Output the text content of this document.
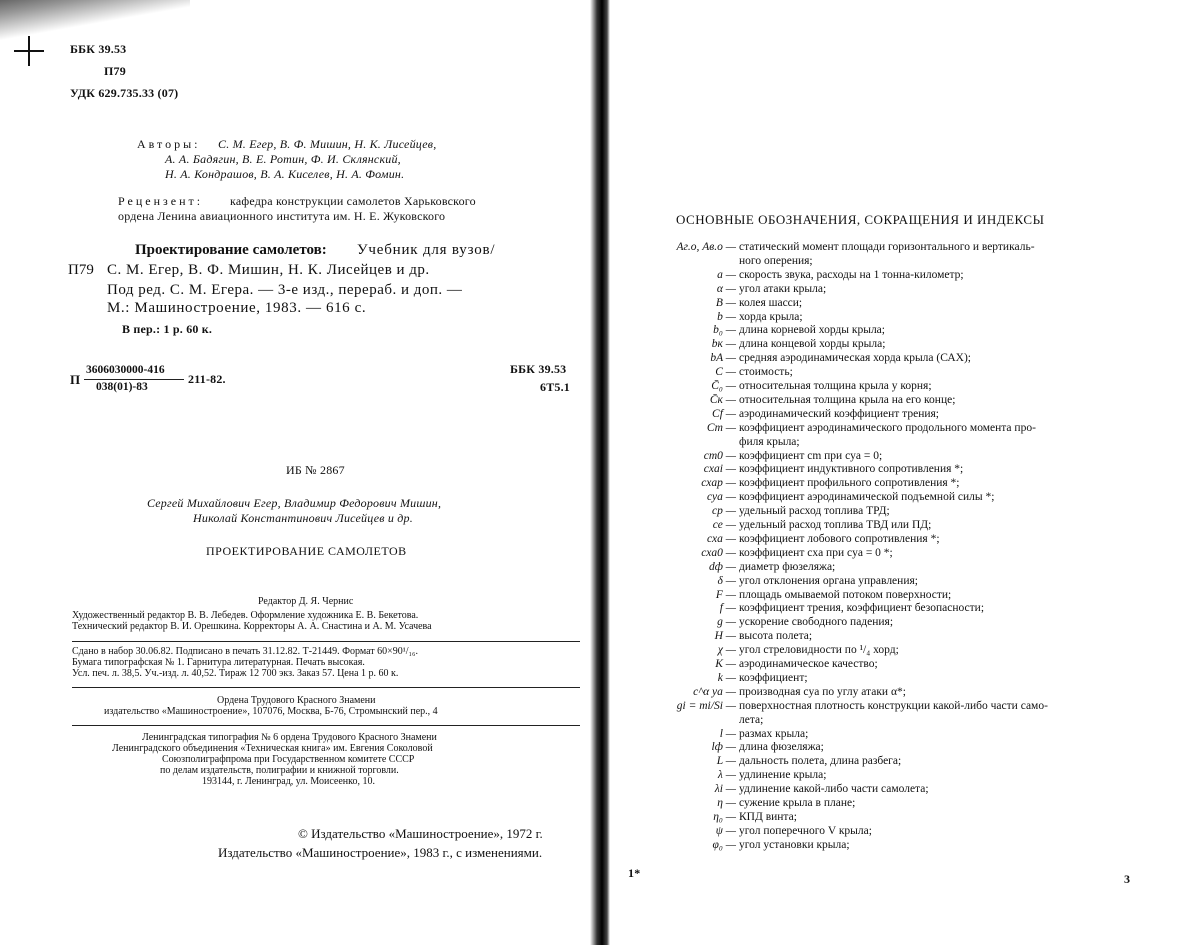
ББК 39.53
П79
УДК 629.735.33 (07)
Авторы: С. М. Егер, В. Ф. Мишин, Н. К. Лисейцев,
А. А. Бадягин, В. Е. Ротин, Ф. И. Склянский,
Н. А. Кондрашов, В. А. Киселев, Н. А. Фомин.
Рецензент: кафедра конструкции самолетов Харьковского
ордена Ленина авиационного института им. Н. Е. Жуковского
Проектирование самолетов: Учебник для вузов/
П79 С. М. Егер, В. Ф. Мишин, Н. К. Лисейцев и др.
Под ред. С. М. Егера. — 3-е изд., перераб. и доп. —
М.: Машиностроение, 1983. — 616 с.
В пер.: 1 р. 60 к.
П
3606030000-416
038(01)-83
211-82.
ББК 39.53
6Т5.1
ИБ № 2867
Сергей Михайлович Егер, Владимир Федорович Мишин,
Николай Константинович Лисейцев и др.
ПРОЕКТИРОВАНИЕ САМОЛЕТОВ
Редактор Д. Я. Чернис
Художественный редактор В. В. Лебедев. Оформление художника Е. В. Бекетова.
Технический редактор В. И. Орешкина. Корректоры А. А. Снастина и А. М. Усачева
Сдано в набор 30.06.82. Подписано в печать 31.12.82. Т-21449. Формат 60×90¹/₁₆.
Бумага типографская № 1. Гарнитура литературная. Печать высокая.
Усл. печ. л. 38,5. Уч.-изд. л. 40,52. Тираж 12 700 экз. Заказ 57. Цена 1 р. 60 к.
Ордена Трудового Красного Знамени
издательство «Машиностроение», 107076, Москва, Б-76, Стромынский пер., 4
Ленинградская типография № 6 ордена Трудового Красного Знамени
Ленинградского объединения «Техническая книга» им. Евгения Соколовой
Союзполиграфпрома при Государственном комитете СССР
по делам издательств, полиграфии и книжной торговли.
193144, г. Ленинград, ул. Моисеенко, 10.
© Издательство «Машиностроение», 1972 г.
Издательство «Машиностроение», 1983 г., с изменениями.
ОСНОВНЫЕ ОБОЗНАЧЕНИЯ, СОКРАЩЕНИЯ И ИНДЕКСЫ
Aг.о, Aв.о — статический момент площади горизонтального и вертикаль-
ного оперения;
a — скорость звука, расходы на 1 тонна-километр;
α — угол атаки крыла;
B — колея шасси;
b — хорда крыла;
b₀ — длина корневой хорды крыла;
bк — длина концевой хорды крыла;
bA — средняя аэродинамическая хорда крыла (САХ);
C — стоимость;
C̄₀ — относительная толщина крыла у корня;
C̄к — относительная толщина крыла на его конце;
Cf — аэродинамический коэффициент трения;
Cm — коэффициент аэродинамического продольного момента про-
филя крыла;
cm0 — коэффициент cm при cya = 0;
cxai — коэффициент индуктивного сопротивления *;
cxap — коэффициент профильного сопротивления *;
cya — коэффициент аэродинамической подъемной силы *;
cp — удельный расход топлива ТРД;
ce — удельный расход топлива ТВД или ПД;
cxa — коэффициент лобового сопротивления *;
cxa0 — коэффициент cxa при cya = 0 *;
dф — диаметр фюзеляжа;
δ — угол отклонения органа управления;
F — площадь омываемой потоком поверхности;
f — коэффициент трения, коэффициент безопасности;
g — ускорение свободного падения;
H — высота полета;
χ — угол стреловидности по ¹/₄ хорд;
K — аэродинамическое качество;
k — коэффициент;
c^α ya — производная cya по углу атаки α*;
gi = mi/Si — поверхностная плотность конструкции какой-либо части само-
лета;
l — размах крыла;
lф — длина фюзеляжа;
L — дальность полета, длина разбега;
λ — удлинение крыла;
λi — удлинение какой-либо части самолета;
η — сужение крыла в плане;
η₀ — КПД винта;
ψ — угол поперечного V крыла;
φ₀ — угол установки крыла;
1*	3
